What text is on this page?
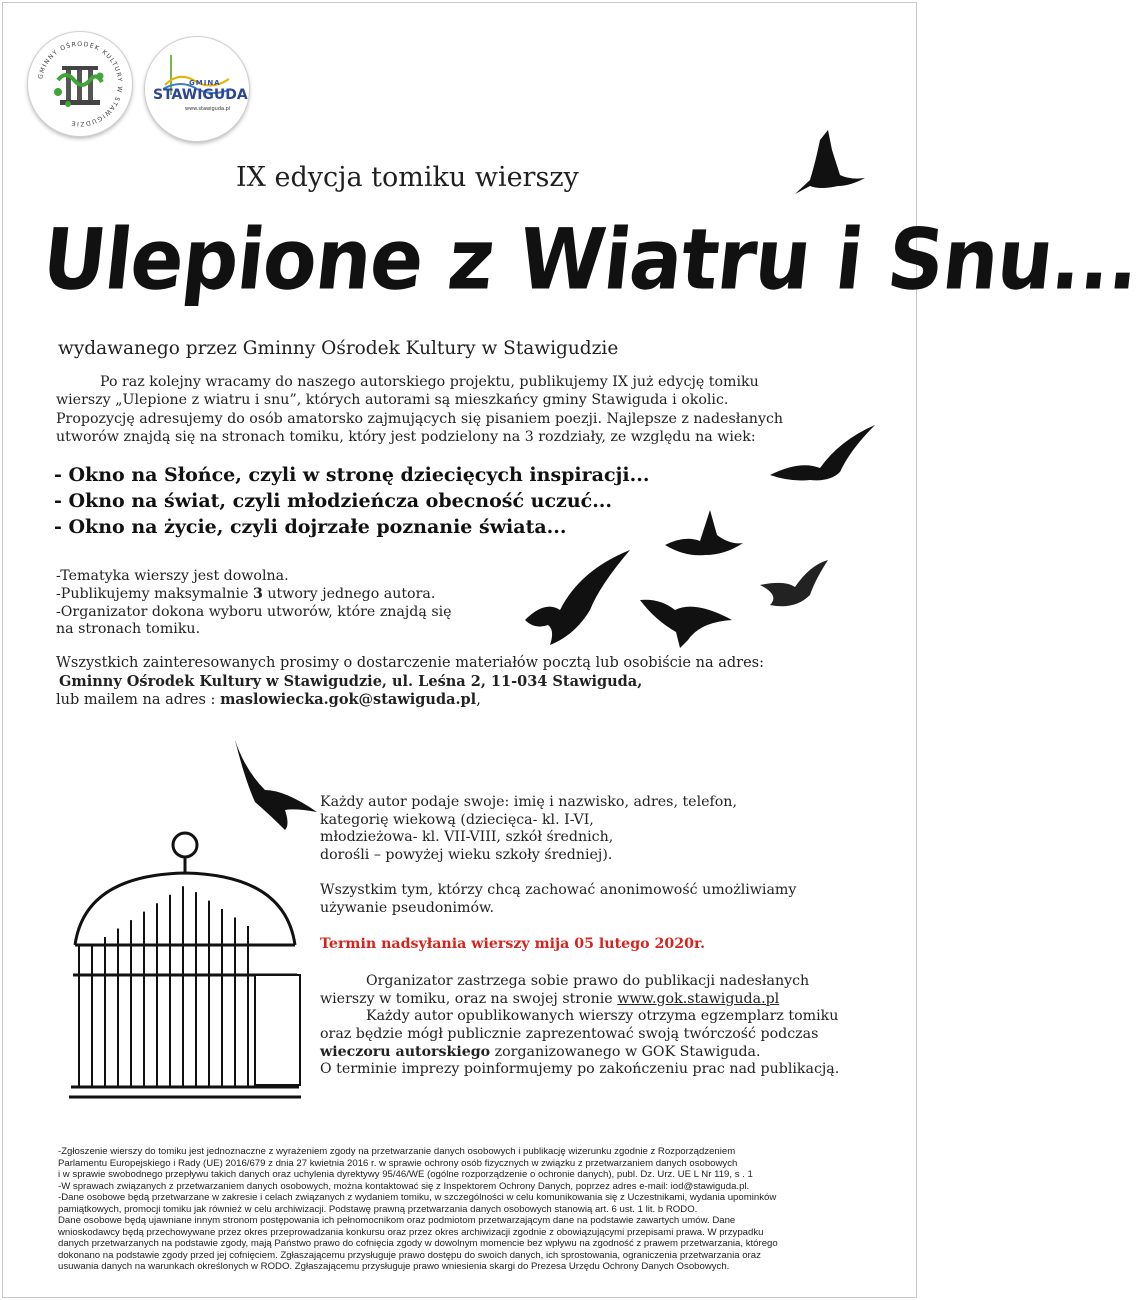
GMINNY OŚRODEK KULTURY W STAWIGUDZIE
GMINA
STAWIGUDA
www.stawiguda.pl
IX edycja tomiku wierszy
Ulepione z Wiatru i Snu...
wydawanego przez Gminny Ośrodek Kultury w Stawigudzie
Po raz kolejny wracamy do naszego autorskiego projektu, publikujemy IX już edycję tomiku
wierszy „Ulepione z wiatru i snu”, których autorami są mieszkańcy gminy Stawiguda i okolic.
Propozycję adresujemy do osób amatorsko zajmujących się pisaniem poezji. Najlepsze z nadesłanych
utworów znajdą się na stronach tomiku, który jest podzielony na 3 rozdziały, ze względu na wiek:
- Okno na Słońce, czyli w stronę dziecięcych inspiracji...
- Okno na świat, czyli młodzieńcza obecność uczuć...
- Okno na życie, czyli dojrzałe poznanie świata...
-Tematyka wierszy jest dowolna.
-Publikujemy maksymalnie 3 utwory jednego autora.
-Organizator dokona wyboru utworów, które znajdą się
na stronach tomiku.
Wszystkich zainteresowanych prosimy o dostarczenie materiałów pocztą lub osobiście na adres:
Gminny Ośrodek Kultury w Stawigudzie, ul. Leśna 2, 11-034 Stawiguda,
lub mailem na adres : maslowiecka.gok@stawiguda.pl,

Każdy autor podaje swoje: imię i nazwisko, adres, telefon,
kategorię wiekową (dziecięca- kl. I-VI,
młodzieżowa- kl. VII-VIII, szkół średnich,
dorośli – powyżej wieku szkoły średniej).

Wszystkim tym, którzy chcą zachować anonimowość umożliwiamy
używanie pseudonimów.

Termin nadsyłania wierszy mija 05 lutego 2020r.

Organizator zastrzega sobie prawo do publikacji nadesłanych
wierszy w tomiku, oraz na swojej stronie www.gok.stawiguda.pl
Każdy autor opublikowanych wierszy otrzyma egzemplarz tomiku
oraz będzie mógł publicznie zaprezentować swoją twórczość podczas
wieczoru autorskiego zorganizowanego w GOK Stawiguda.
O terminie imprezy poinformujemy po zakończeniu prac nad publikacją.

-Zgłoszenie wierszy do tomiku jest jednoznaczne z wyrażeniem zgody na przetwarzanie danych osobowych i publikację wizerunku zgodnie z Rozporządzeniem
Parlamentu Europejskiego i Rady (UE) 2016/679 z dnia 27 kwietnia 2016 r. w sprawie ochrony osób fizycznych w związku z przetwarzaniem danych osobowych
i w sprawie swobodnego przepływu takich danych oraz uchylenia dyrektywy 95/46/WE (ogólne rozporządzenie o ochronie danych), publ. Dz. Urz. UE L Nr 119, s . 1
-W sprawach związanych z przetwarzaniem danych osobowych, można kontaktować się z Inspektorem Ochrony Danych, poprzez adres e-mail: iod@stawiguda.pl.
-Dane osobowe będą przetwarzane w zakresie i celach związanych z wydaniem tomiku, w szczególności w celu komunikowania się z Uczestnikami, wydania upominków
pamiątkowych, promocji tomiku jak również w celu archiwizacji. Podstawę prawną przetwarzania danych osobowych stanowią art. 6 ust. 1 lit. b RODO.
Dane osobowe będą ujawniane innym stronom postępowania ich pełnomocnikom oraz podmiotom przetwarzającym dane na podstawie zawartych umów. Dane
wnioskodawcy będą przechowywane przez okres przeprowadzania konkursu oraz przez okres archiwizacji zgodnie z obowiązującymi przepisami prawa. W przypadku
danych przetwarzanych na podstawie zgody, mają Państwo prawo do cofnięcia zgody w dowolnym momencie bez wpływu na zgodność z prawem przetwarzania, którego
dokonano na podstawie zgody przed jej cofnięciem. Zgłaszającemu przysługuje prawo dostępu do swoich danych, ich sprostowania, ograniczenia przetwarzania oraz
usuwania danych na warunkach określonych w RODO. Zgłaszającemu przysługuje prawo wniesienia skargi do Prezesa Urzędu Ochrony Danych Osobowych.
